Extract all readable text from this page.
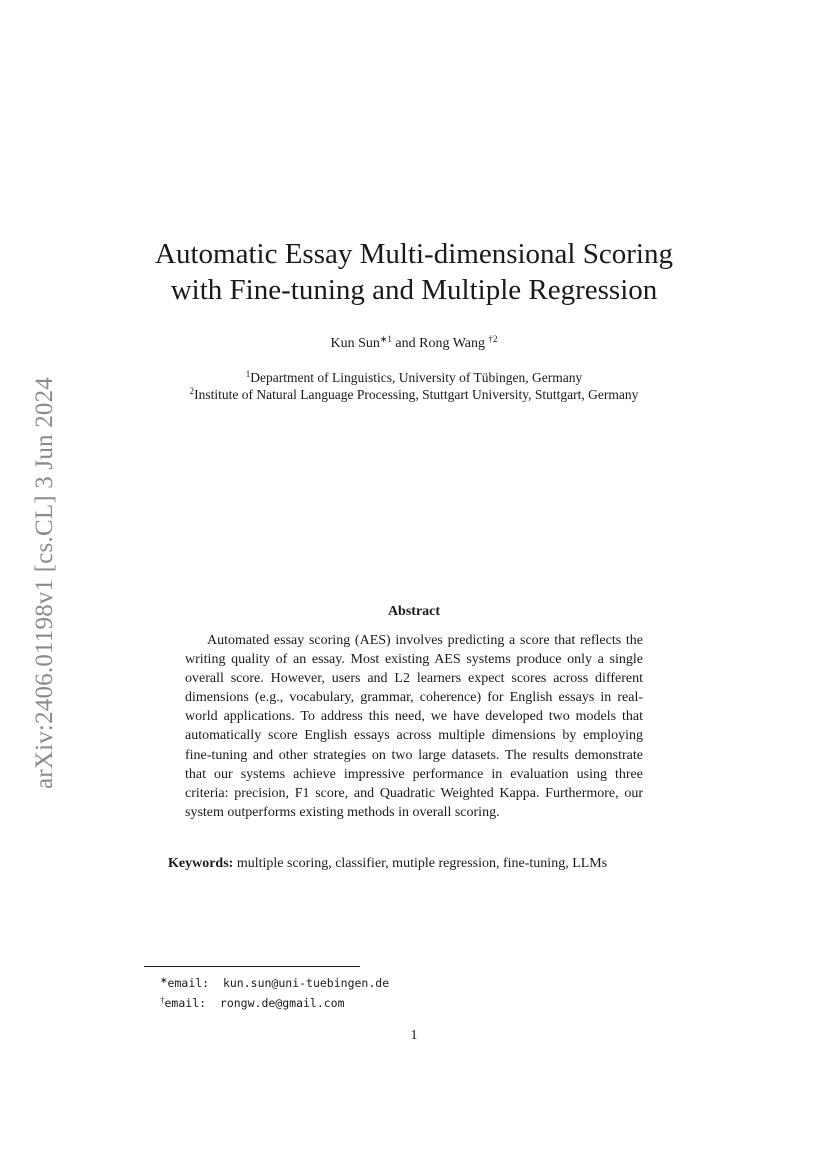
arXiv:2406.01198v1 [cs.CL] 3 Jun 2024
Automatic Essay Multi-dimensional Scoring
with Fine-tuning and Multiple Regression
Kun Sun$^{∗1}$ and Rong Wang $^{\dagger 2}$
$^1$Department of Linguistics, University of Tübingen, Germany
$^2$Institute of Natural Language Processing, Stuttgart University, Stuttgart, Germany
Abstract
Automated essay scoring (AES) involves predicting a score that reflects the writing quality of an essay. Most existing AES systems produce only a single overall score. However, users and L2 learners expect scores across different dimensions (e.g., vocabulary, grammar, coherence) for English essays in real-world applications. To address this need, we have developed two models that automatically score English essays across multiple dimensions by employing fine-tuning and other strategies on two large datasets. The results demonstrate that our systems achieve impressive performance in evaluation using three criteria: precision, F1 score, and Quadratic Weighted Kappa. Furthermore, our system outperforms existing methods in overall scoring.
Keywords: multiple scoring, classifier, mutiple regression, fine-tuning, LLMs
∗email: kun.sun@uni-tuebingen.de
†email: rongw.de@gmail.com
1
